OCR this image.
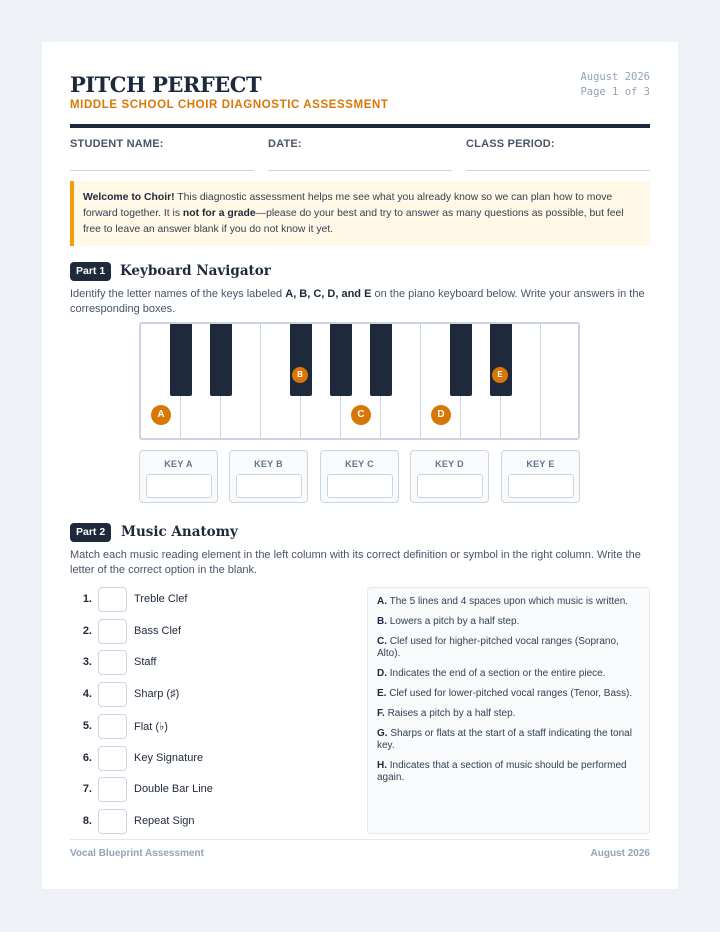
PITCH PERFECT
MIDDLE SCHOOL CHOIR DIAGNOSTIC ASSESSMENT
August 2026
Page 1 of 3
STUDENT NAME:	DATE:	CLASS PERIOD:
Welcome to Choir! This diagnostic assessment helps me see what you already know so we can plan how to move forward together. It is not for a grade—please do your best and try to answer as many questions as possible, but feel free to leave an answer blank if you do not know it yet.
Part 1	Keyboard Navigator
Identify the letter names of the keys labeled A, B, C, D, and E on the piano keyboard below. Write your answers in the corresponding boxes.
A
B
C	D
E
KEY A	KEY B	KEY C	KEY D	KEY E
Part 2	Music Anatomy
Match each music reading element in the left column with its correct definition or symbol in the right column. Write the letter of the correct option in the blank.
1.	Treble Clef
2.	Bass Clef
3.	Staff
4.	Sharp (♯)
5.	Flat (♭)
6.	Key Signature
7.	Double Bar Line
8.	Repeat Sign
A. The 5 lines and 4 spaces upon which music is written.
B. Lowers a pitch by a half step.
C. Clef used for higher-pitched vocal ranges (Soprano, Alto).
D. Indicates the end of a section or the entire piece.
E. Clef used for lower-pitched vocal ranges (Tenor, Bass).
F. Raises a pitch by a half step.
G. Sharps or flats at the start of a staff indicating the tonal key.
H. Indicates that a section of music should be performed again.
Vocal Blueprint Assessment	August 2026
